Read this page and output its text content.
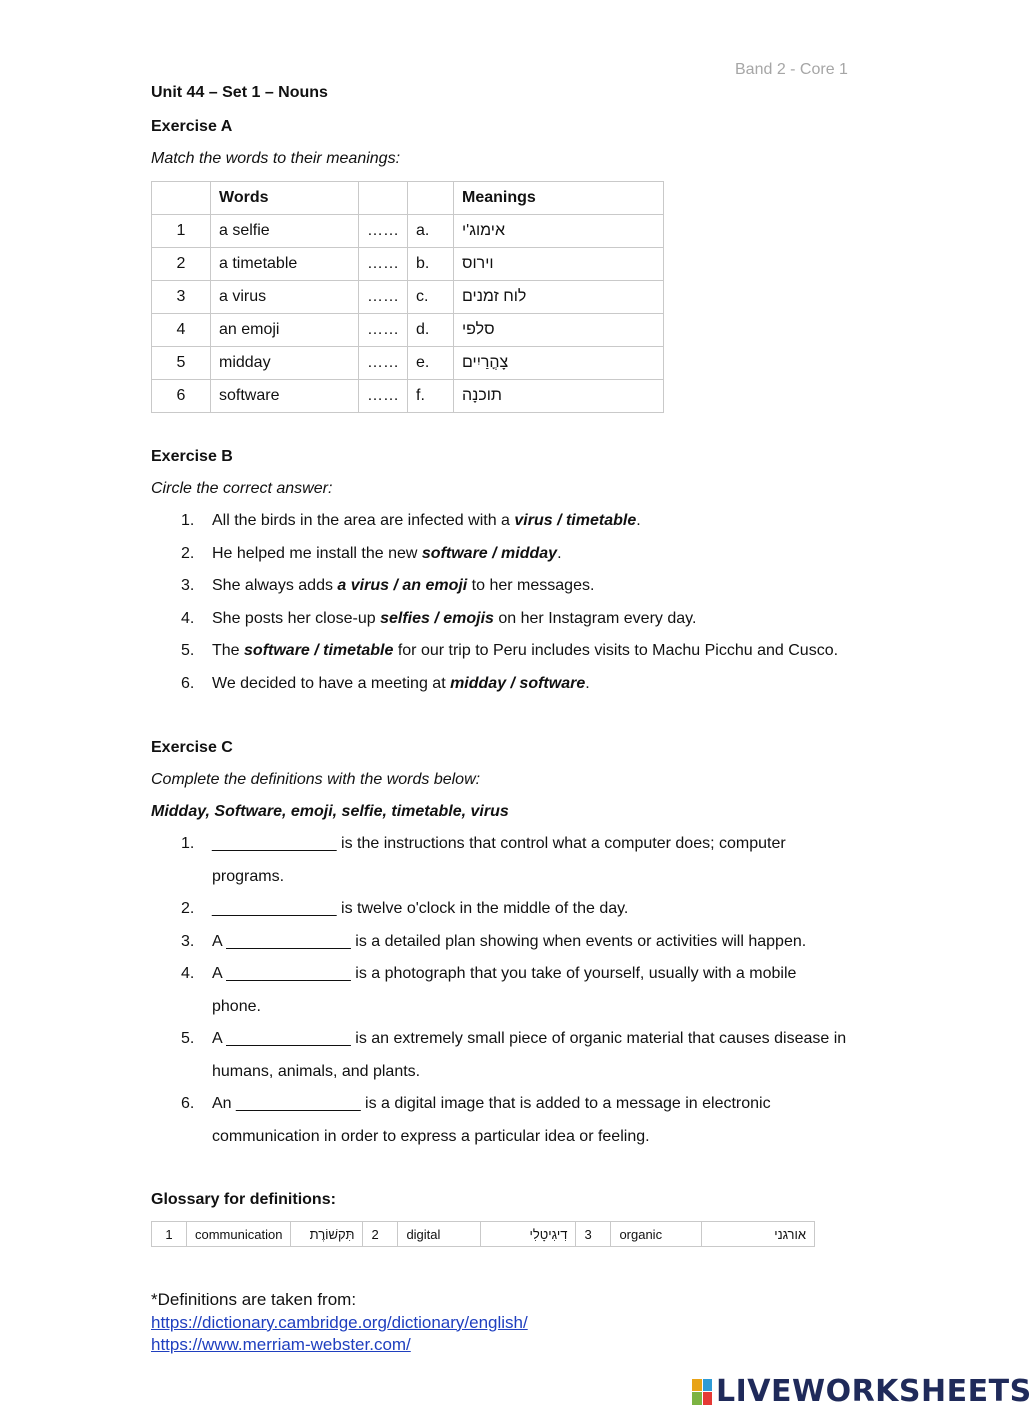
Band 2 - Core 1
Unit 44 – Set 1 – Nouns
Exercise A
Match the words to their meanings:
	Words			Meanings
1	a selfie	……	a.	אימוג'י
2	a timetable	……	b.	וירוס
3	a virus	……	c.	לוח זמנים
4	an emoji	……	d.	סלפי
5	midday	……	e.	צָהֳרַיִים
6	software	……	f.	תוכנָה
Exercise B
Circle the correct answer:
1. All the birds in the area are infected with a virus / timetable.
2. He helped me install the new software / midday.
3. She always adds a virus / an emoji to her messages.
4. She posts her close-up selfies / emojis on her Instagram every day.
5. The software / timetable for our trip to Peru includes visits to Machu Picchu and Cusco.
6. We decided to have a meeting at midday / software.
Exercise C
Complete the definitions with the words below:
Midday, Software, emoji, selfie, timetable, virus
1. ______________ is the instructions that control what a computer does; computer
programs.
2. ______________ is twelve o'clock in the middle of the day.
3. A ______________ is a detailed plan showing when events or activities will happen.
4. A ______________ is a photograph that you take of yourself, usually with a mobile
phone.
5. A ______________ is an extremely small piece of organic material that causes disease in
humans, animals, and plants.
6. An ______________ is a digital image that is added to a message in electronic
communication in order to express a particular idea or feeling.
Glossary for definitions:
1	communication	תִּקשׁוֹרֶת	2	digital	דִיגִיטָלִי	3	organic	אורגני
*Definitions are taken from:
https://dictionary.cambridge.org/dictionary/english/
https://www.merriam-webster.com/
LIVEWORKSHEETS
